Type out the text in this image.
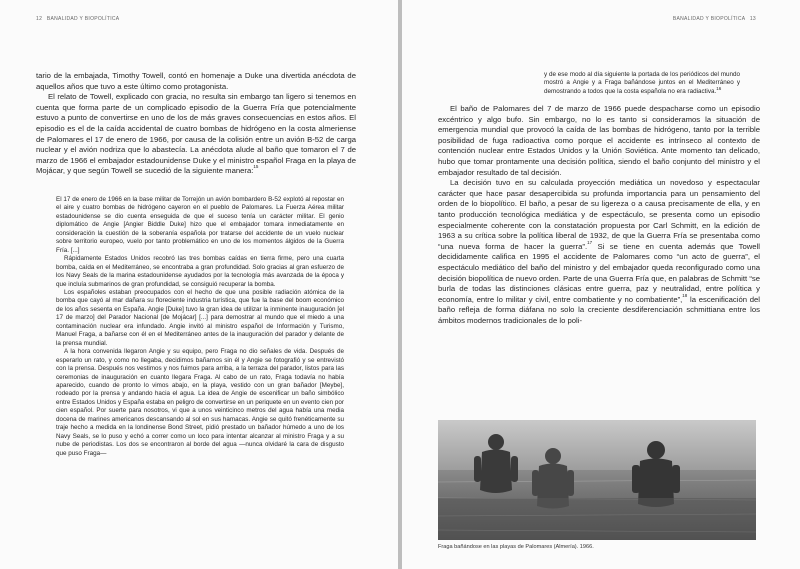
12 BANALIDAD Y BIOPOLÍTICA

tario de la embajada, Timothy Towell, contó en homenaje a Duke una divertida anécdota de aquellos años que tuvo a este último como protagonista.

El relato de Towell, explicado con gracia, no resulta sin embargo tan ligero si tenemos en cuenta que forma parte de un complicado episodio de la Guerra Fría que potencialmente estuvo a punto de convertirse en uno de los de más graves consecuencias en estos años. El episodio es el de la caída accidental de cuatro bombas de hidrógeno en la costa almeriense de Palomares el 17 de enero de 1966, por causa de la colisión entre un avión B-52 de carga nuclear y el avión nodriza que lo abastecía. La anécdota alude al baño que tomaron el 7 de marzo de 1966 el embajador estadounidense Duke y el ministro español Fraga en la playa de Mojácar, y que según Towell se sucedió de la siguiente manera:$^{15}$

El 17 de enero de 1966 en la base militar de Torrejón un avión bombardero B-52 explotó al repostar en el aire y cuatro bombas de hidrógeno cayeron en el pueblo de Palomares. La Fuerza Aérea militar estadounidense se dio cuenta enseguida de que el suceso tenía un carácter militar. El genio diplomático de Angie [Angier Biddle Duke] hizo que el embajador tomara inmediatamente en consideración la cuestión de la soberanía española por tratarse del accidente de un vuelo nuclear sobre territorio europeo, vuelo por tanto problemático en uno de los momentos álgidos de la Guerra Fría. [...]

Rápidamente Estados Unidos recobró las tres bombas caídas en tierra firme, pero una cuarta bomba, caída en el Mediterráneo, se encontraba a gran profundidad. Solo gracias al gran esfuerzo de los Navy Seals de la marina estadounidense ayudados por la tecnología más avanzada de la época y que incluía submarinos de gran profundidad, se consiguió recuperar la bomba.

Los españoles estaban preocupados con el hecho de que una posible radiación atómica de la bomba que cayó al mar dañara su floreciente industria turística, que fue la base del boom económico de los años sesenta en España. Angie [Duke] tuvo la gran idea de utilizar la inminente inauguración [el 17 de marzo] del Parador Nacional [de Mojácar] [...] para demostrar al mundo que el miedo a una contaminación nuclear era infundado. Angie invitó al ministro español de Información y Turismo, Manuel Fraga, a bañarse con él en el Mediterráneo antes de la inauguración del parador y delante de la prensa mundial.

A la hora convenida llegaron Angie y su equipo, pero Fraga no dio señales de vida. Después de esperarlo un rato, y como no llegaba, decidimos bañarnos sin él y Angie se fotografió y se entrevistó con la prensa. Después nos vestimos y nos fuimos para arriba, a la terraza del parador, listos para las ceremonias de inauguración en cuanto llegara Fraga. Al cabo de un rato, Fraga todavía no había aparecido, cuando de pronto lo vimos abajo, en la playa, vestido con un gran bañador [Meybe], rodeado por la prensa y andando hacia el agua. La idea de Angie de escenificar un baño simbólico entre Estados Unidos y España estaba en peligro de convertirse en un periquete en un evento cien por cien español. Por suerte para nosotros, vi que a unos veinticinco metros del agua había una media docena de marines americanos descansando al sol en sus hamacas. Angie se quitó frenéticamente su traje hecho a medida en la londinense Bond Street, pidió prestado un bañador húmedo a uno de los Navy Seals, se lo puso y echó a correr como un loco para intentar alcanzar al ministro Fraga y a su nube de periodistas. Los dos se encontraron al borde del agua —nunca olvidaré la cara de disgusto que puso Fraga—

BANALIDAD Y BIOPOLÍTICA 13
y de ese modo al día siguiente la portada de los periódicos del mundo mostró a Angie y a Fraga bañándose juntos en el Mediterráneo y demostrando a todos que la costa española no era radiactiva.$^{16}$

El baño de Palomares del 7 de marzo de 1966 puede despacharse como un episodio excéntrico y algo bufo. Sin embargo, no lo es tanto si consideramos la situación de emergencia mundial que provocó la caída de las bombas de hidrógeno, tanto por la terrible posibilidad de fuga radioactiva como porque el accidente es intrínseco al contexto de contención nuclear entre Estados Unidos y la Unión Soviética. Ante momento tan delicado, hubo que tomar prontamente una decisión política, siendo el baño conjunto del ministro y el embajador resultado de tal decisión.

La decisión tuvo en su calculada proyección mediática un novedoso y espectacular carácter que hace pasar desapercibida su profunda importancia para un pensamiento del orden de lo biopolítico. El baño, a pesar de su ligereza o a causa precisamente de ella, y en tanto producción tecnológica mediática y de espectáculo, se presenta como un episodio especialmente coherente con la constatación propuesta por Carl Schmitt, en la edición de 1963 a su crítica sobre la política liberal de 1932, de que la Guerra Fría se presentaba como “una nueva forma de hacer la guerra”.$^{17}$ Si se tiene en cuenta además que Towell decididamente califica en 1995 el accidente de Palomares como “un acto de guerra”, el espectáculo mediático del baño del ministro y del embajador queda reconfigurado como una decisión biopolítica de nuevo orden. Parte de una Guerra Fría que, en palabras de Schmitt “se burla de todas las distinciones clásicas entre guerra, paz y neutralidad, entre política y economía, entre lo militar y civil, entre combatiente y no combatiente”,$^{18}$ la escenificación del baño refleja de forma diáfana no solo la creciente desdiferenciación schmittiana entre los ámbitos modernos tradicionales de lo poli-

Fraga bañándose en las playas de Palomares (Almería). 1966.
